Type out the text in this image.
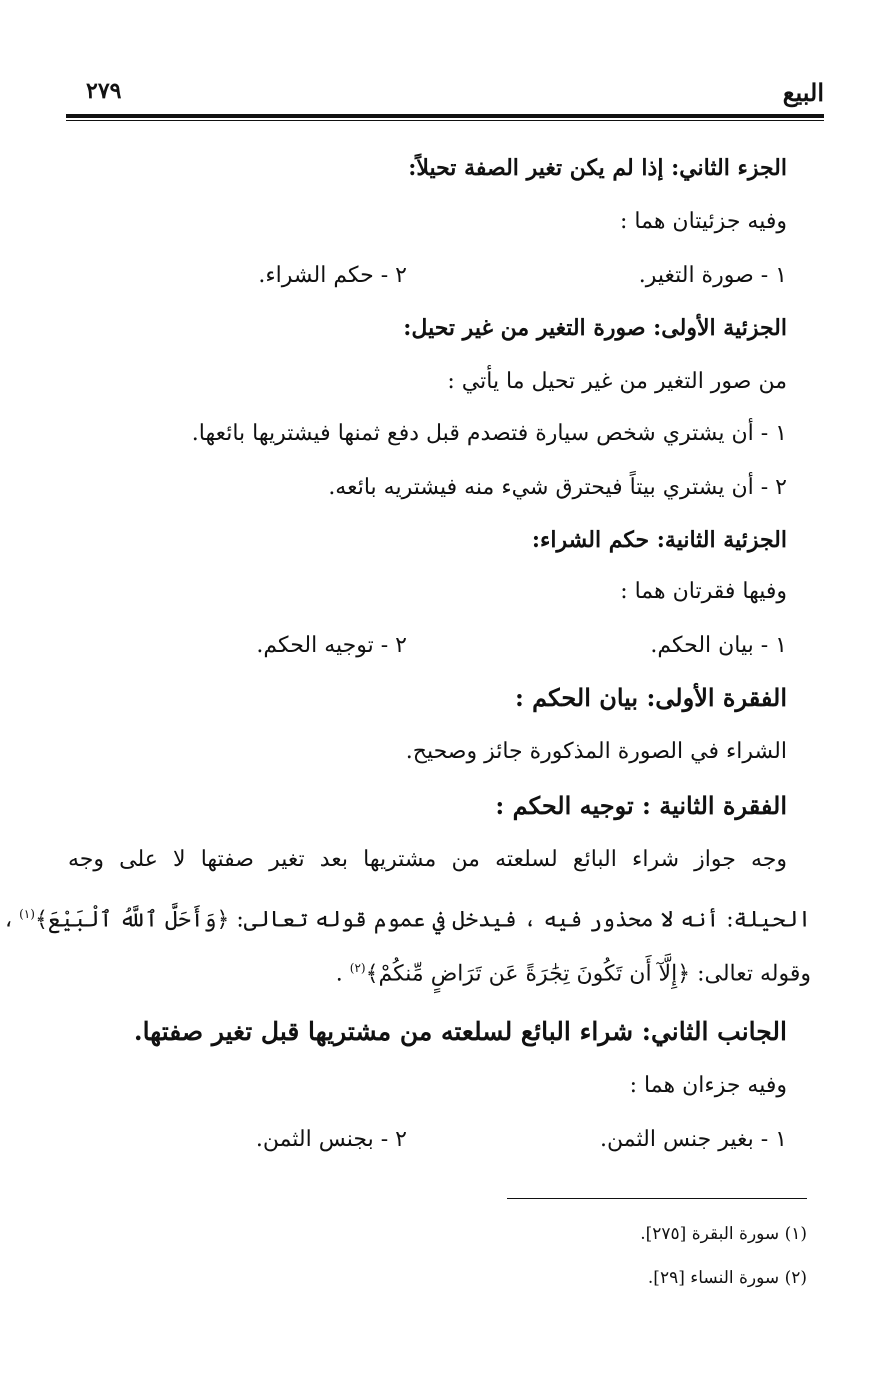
البيع
٢٧٩
الجزء الثاني: إذا لم يكن تغير الصفة تحيلاً:
وفيه جزئيتان هما :
١ - صورة التغير.
٢ - حكم الشراء.
الجزئية الأولى: صورة التغير من غير تحيل:
من صور التغير من غير تحيل ما يأتي :
١ - أن يشتري شخص سيارة فتصدم قبل دفع ثمنها فيشتريها بائعها.
٢ - أن يشتري بيتاً فيحترق شيء منه فيشتريه بائعه.
الجزئية الثانية: حكم الشراء:
وفيها فقرتان هما :
١ - بيان الحكم.
٢ - توجيه الحكم.
الفقرة الأولى: بيان الحكم :
الشراء في الصورة المذكورة جائز وصحيح.
الفقرة الثانية : توجيه الحكم :
وجه جواز شراء البائع لسلعته من مشتريها بعد تغير صفتها لا على وجه
الحيلة: أنه لا محذور فيه ، فيدخل في عموم قوله تعالى: ﴿وَأَحَلَّ ٱللَّهُ ٱلْبَيْعَ﴾$^{(١)}$ ،
وقوله تعالى: ﴿إِلَّآ أَن تَكُونَ تِجَٰرَةً عَن تَرَاضٍ مِّنكُمْ﴾$^{(٢)}$ .
الجانب الثاني: شراء البائع لسلعته من مشتريها قبل تغير صفتها.
وفيه جزءان هما :
١ - بغير جنس الثمن.
٢ - بجنس الثمن.
(١) سورة البقرة [٢٧٥].
(٢) سورة النساء [٢٩].
